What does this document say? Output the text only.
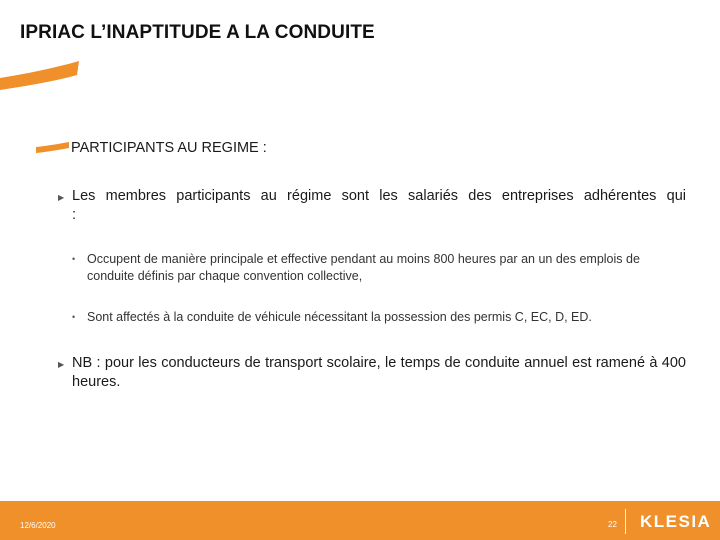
IPRIAC L’INAPTITUDE A LA CONDUITE
PARTICIPANTS AU REGIME :
▶ Les membres participants au régime sont les salariés des entreprises adhérentes qui :
• Occupent de manière principale et effective pendant au moins 800 heures par an un des emplois de conduite définis par chaque convention collective,
• Sont affectés à la conduite de véhicule nécessitant la possession des permis C, EC, D, ED.
▶ NB : pour les conducteurs de transport scolaire, le temps de conduite annuel est ramené à 400 heures.
12/6/2020	22 KLESIA
